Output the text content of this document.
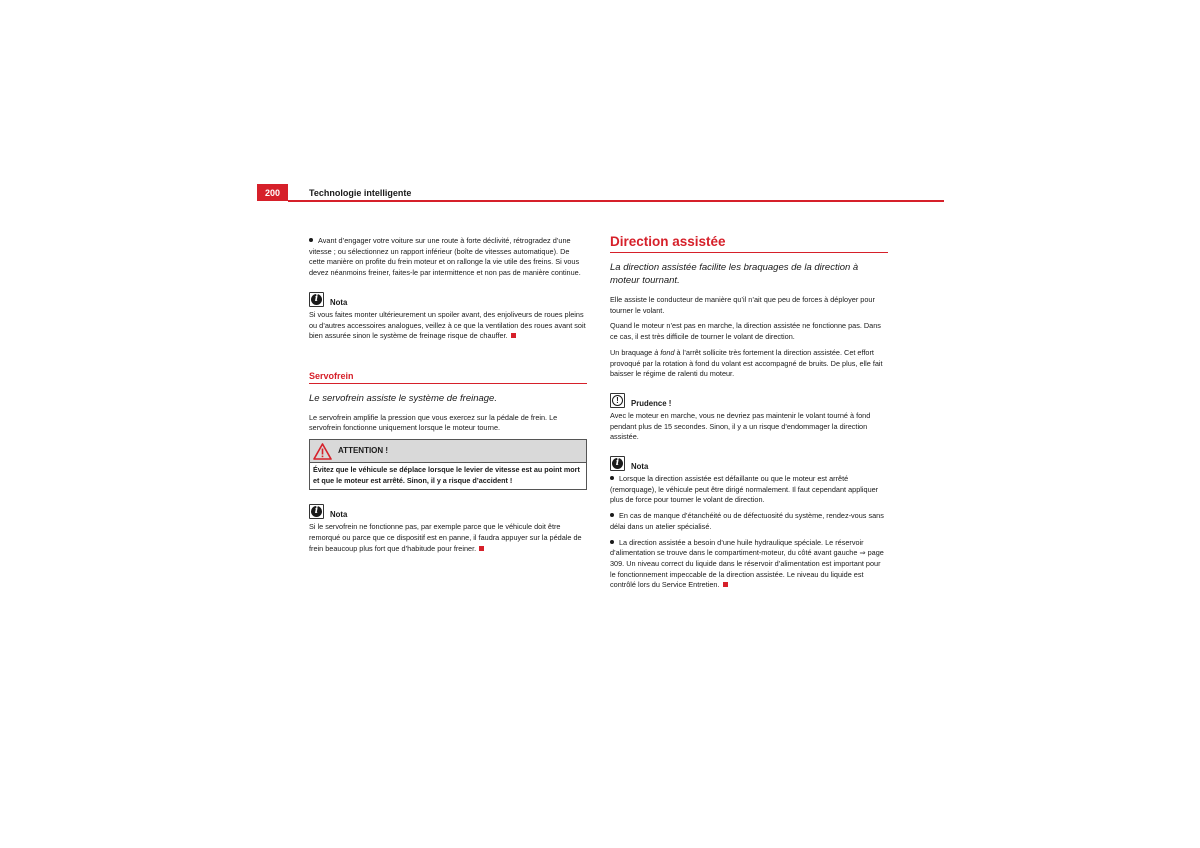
200	Technologie intelligente

Avant d’engager votre voiture sur une route à forte déclivité, rétrogradez d’une vitesse ; ou sélectionnez un rapport inférieur (boîte de vitesses automatique). De cette manière on profite du frein moteur et on rallonge la vie utile des freins. Si vous devez néanmoins freiner, faites-le par intermittence et non pas de manière continue.

i	Nota

Si vous faites monter ultérieurement un spoiler avant, des enjoliveurs de roues pleins ou d’autres accessoires analogues, veillez à ce que la ventilation des roues avant soit bien assurée sinon le système de freinage risque de chauffer.

Servofrein

Le servofrein assiste le système de freinage.

Le servofrein amplifie la pression que vous exercez sur la pédale de frein. Le servofrein fonctionne uniquement lorsque le moteur tourne.

ATTENTION !
Évitez que le véhicule se déplace lorsque le levier de vitesse est au point mort et que le moteur est arrêté. Sinon, il y a risque d’accident !
i	Nota

Si le servofrein ne fonctionne pas, par exemple parce que le véhicule doit être remorqué ou parce que ce dispositif est en panne, il faudra appuyer sur la pédale de frein beaucoup plus fort que d’habitude pour freiner.

Direction assistée

La direction assistée facilite les braquages de la direction à moteur tournant.

Elle assiste le conducteur de manière qu’il n’ait que peu de forces à déployer pour tourner le volant.

Quand le moteur n’est pas en marche, la direction assistée ne fonctionne pas. Dans ce cas, il est très difficile de tourner le volant de direction.

Un braquage à fond à l’arrêt sollicite très fortement la direction assistée. Cet effort provoqué par la rotation à fond du volant est accompagné de bruits. De plus, elle fait baisser le régime de ralenti du moteur.

!	Prudence !

Avec le moteur en marche, vous ne devriez pas maintenir le volant tourné à fond pendant plus de 15 secondes. Sinon, il y a un risque d’endommager la direction assistée.

i	Nota

Lorsque la direction assistée est défaillante ou que le moteur est arrêté (remorquage), le véhicule peut être dirigé normalement. Il faut cependant appliquer plus de force pour tourner le volant de direction.

En cas de manque d’étanchéité ou de défectuosité du système, rendez-vous sans délai dans un atelier spécialisé.

La direction assistée a besoin d’une huile hydraulique spéciale. Le réservoir d’alimentation se trouve dans le compartiment-moteur, du côté avant gauche ⇒ page 309. Un niveau correct du liquide dans le réservoir d’alimentation est important pour le fonctionnement impeccable de la direction assistée. Le niveau du liquide est contrôlé lors du Service Entretien.
